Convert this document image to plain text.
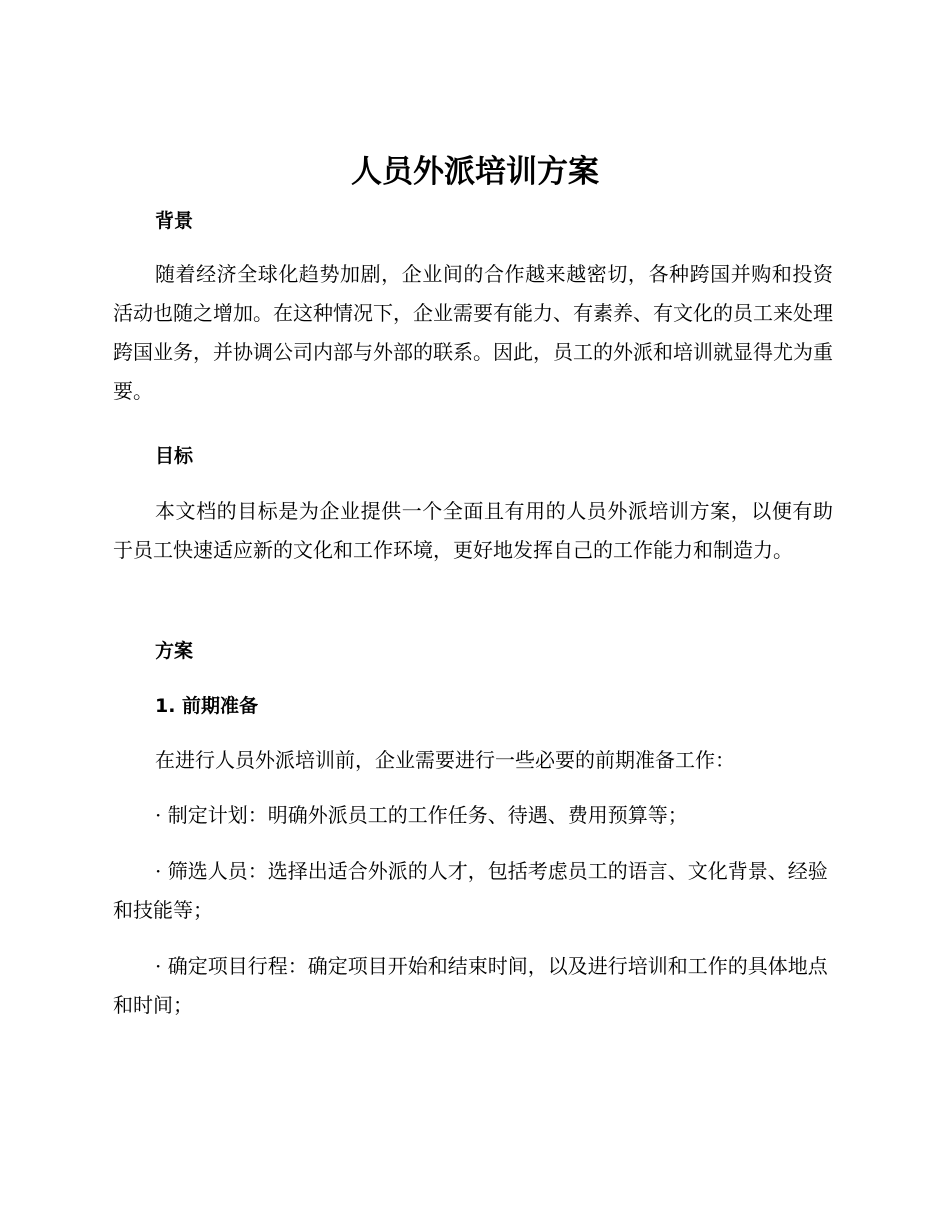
人员外派培训方案

背景

随着经济全球化趋势加剧，企业间的合作越来越密切，各种跨国并购和投资活动也随之增加。在这种情况下，企业需要有能力、有素养、有文化的员工来处理跨国业务，并协调公司内部与外部的联系。因此，员工的外派和培训就显得尤为重要。

目标

本文档的目标是为企业提供一个全面且有用的人员外派培训方案，以便有助于员工快速适应新的文化和工作环境，更好地发挥自己的工作能力和制造力。

方案

1. 前期准备

在进行人员外派培训前，企业需要进行一些必要的前期准备工作：

· 制定计划：明确外派员工的工作任务、待遇、费用预算等；

· 筛选人员：选择出适合外派的人才，包括考虑员工的语言、文化背景、经验和技能等；

· 确定项目行程：确定项目开始和结束时间，以及进行培训和工作的具体地点和时间；
